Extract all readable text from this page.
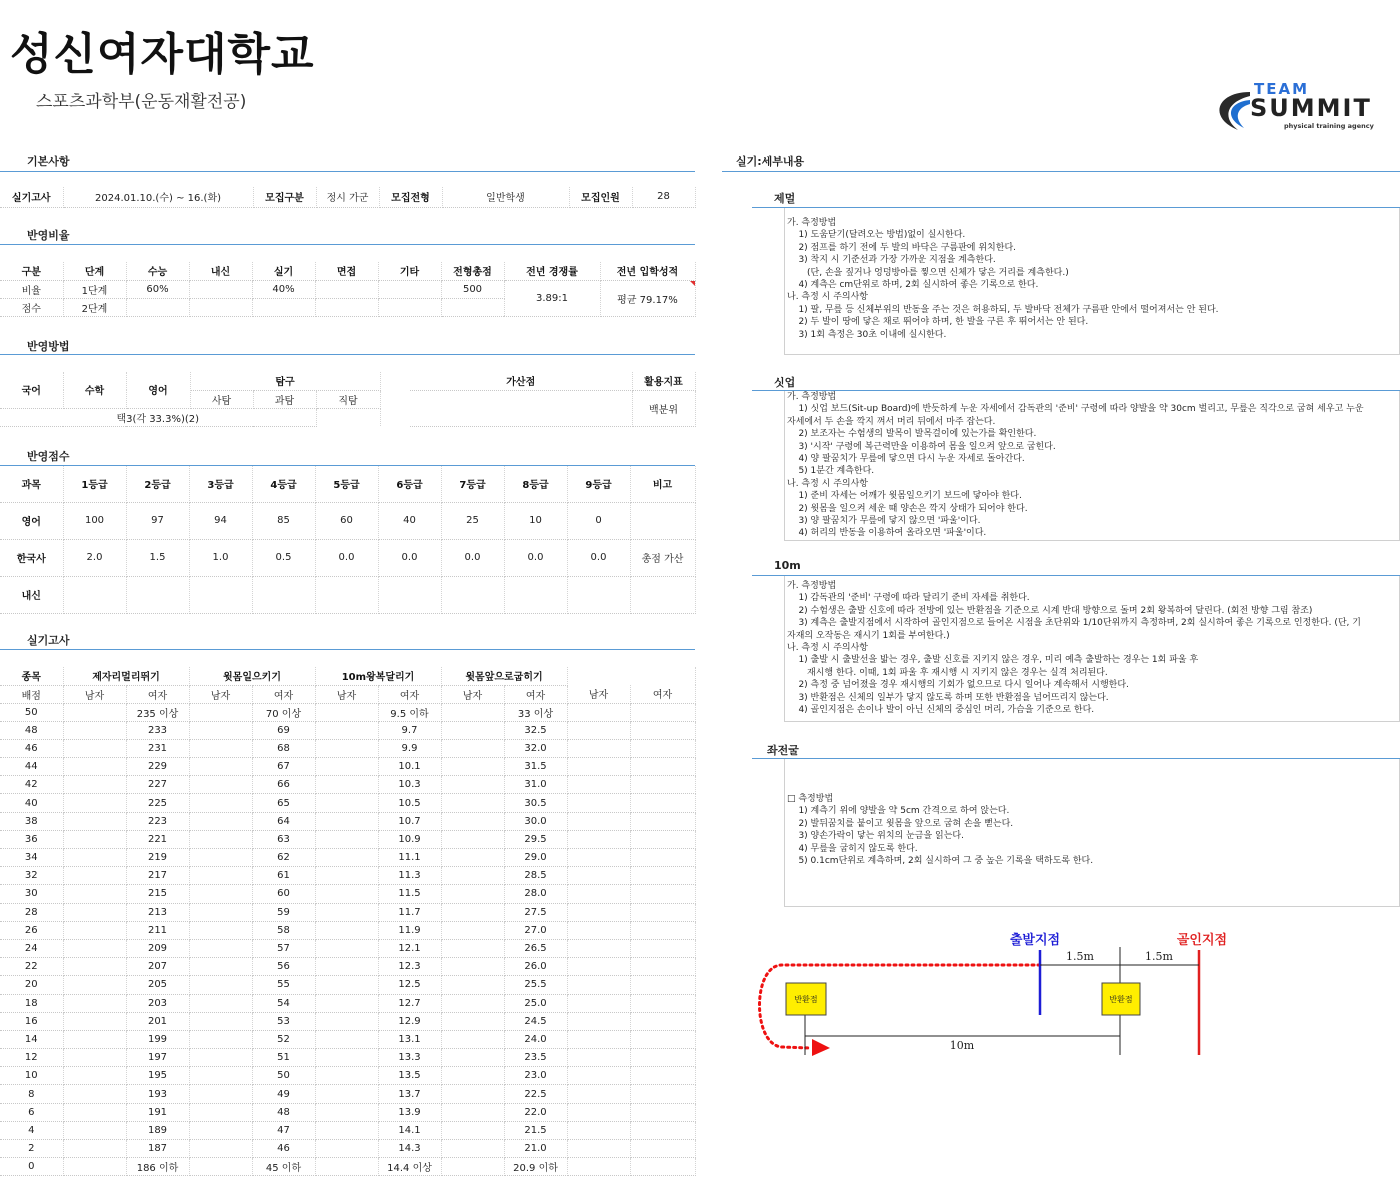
성신여자대학교
스포츠과학부(운동재활전공)
TEAM
SUMMIT
physical training agency
기본사항
실기고사	2024.01.10.(수) ~ 16.(화)	모집구분	정시 가군	모집전형	일반학생	모집인원	28
반영비율
구분	단계	수능	내신	실기	면접	기타	전형총점	전년 경쟁률	전년 입학성적
비율	1단계	60%		40%			500	3.89:1	평균 79.17%
점수	2단계								
반영방법
국어	수학	영어	탐구		
			사탐	과탐	직탐
택3(각 33.3%)(2)					
가산점	활용지표
	백분위
반영점수
과목	1등급	2등급	3등급	4등급	5등급	6등급	7등급	8등급	9등급	비고
영어	100	97	94	85	60	40	25	10	0	
한국사	2.0	1.5	1.0	0.5	0.0	0.0	0.0	0.0	0.0	총점 가산
내신										
실기고사
종목	제자리멀리뛰기		윗몸일으키기		10m왕복달리기		윗몸앞으로굽히기			
배점	남자	여자	남자	여자	남자	여자	남자	여자	남자	여자
50		235 이상		70 이상		9.5 이하		33 이상		
48		233		69		9.7		32.5		
46		231		68		9.9		32.0		
44		229		67		10.1		31.5		
42		227		66		10.3		31.0		
40		225		65		10.5		30.5		
38		223		64		10.7		30.0		
36		221		63		10.9		29.5		
34		219		62		11.1		29.0		
32		217		61		11.3		28.5		
30		215		60		11.5		28.0		
28		213		59		11.7		27.5		
26		211		58		11.9		27.0		
24		209		57		12.1		26.5		
22		207		56		12.3		26.0		
20		205		55		12.5		25.5		
18		203		54		12.7		25.0		
16		201		53		12.9		24.5		
14		199		52		13.1		24.0		
12		197		51		13.3		23.5		
10		195		50		13.5		23.0		
8		193		49		13.7		22.5		
6		191		48		13.9		22.0		
4		189		47		14.1		21.5		
2		187		46		14.3		21.0		
0		186 이하		45 이하		14.4 이상		20.9 이하		
실기:세부내용
제멀

가. 측정방법

1) 도움닫기(달려오는 방법)없이 실시한다.

2) 점프를 하기 전에 두 발의 바닥은 구름판에 위치한다.

3) 착지 시 기준선과 가장 가까운 지점을 계측한다.

(단, 손을 짚거나 엉덩방아를 찧으면 신체가 닿은 거리를 계측한다.)

4) 계측은 cm단위로 하며, 2회 실시하여 좋은 기록으로 한다.

나. 측정 시 주의사항

1) 팔, 무릎 등 신체부위의 반동을 주는 것은 허용하되, 두 발바닥 전체가 구름판 안에서 떨어져서는 안 된다.

2) 두 발이 땅에 닿은 채로 뛰어야 하며, 한 발을 구른 후 뛰어서는 안 된다.

3) 1회 측정은 30초 이내에 실시한다.

싯업

가. 측정방법

1) 싯업 보드(Sit-up Board)에 반듯하게 누운 자세에서 감독관의 '준비' 구령에 따라 양발을 약 30cm 벌리고, 무릎은 직각으로 굽혀 세우고 누운

자세에서 두 손을 깍지 껴서 머리 뒤에서 마주 잡는다.

2) 보조자는 수험생의 발목이 발목걸이에 있는가를 확인한다.

3) '시작' 구령에 복근력만을 이용하여 몸을 일으켜 앞으로 굽힌다.

4) 양 팔꿈치가 무릎에 닿으면 다시 누운 자세로 돌아간다.

5) 1분간 계측한다.

나. 측정 시 주의사항

1) 준비 자세는 어깨가 윗몸일으키기 보드에 닿아야 한다.

2) 윗몸을 일으켜 세운 때 양손은 깍지 상태가 되어야 한다.

3) 양 팔꿈치가 무릎에 닿지 않으면 '파울'이다.

4) 허리의 반동을 이용하여 올라오면 '파울'이다.

10m

가. 측정방법

1) 감독관의 '준비' 구령에 따라 달리기 준비 자세를 취한다.

2) 수험생은 출발 신호에 따라 전방에 있는 반환점을 기준으로 시계 반대 방향으로 돌며 2회 왕복하여 달린다. (회전 방향 그림 참조)

3) 계측은 출발지점에서 시작하여 골인지점으로 들어온 시점을 초단위와 1/10단위까지 측정하며, 2회 실시하여 좋은 기록으로 인정한다. (단, 기

자재의 오작동은 재시기 1회를 부여한다.)

나. 측정 시 주의사항

1) 출발 시 출발선을 밟는 경우, 출발 신호를 지키지 않은 경우, 미리 예측 출발하는 경우는 1회 파울 후

재시행 한다. 이때, 1회 파울 후 재시행 시 지키지 않은 경우는 실격 처리된다.

2) 측정 중 넘어졌을 경우 재시행의 기회가 없으므로 다시 일어나 계속해서 시행한다.

3) 반환점은 신체의 일부가 닿지 않도록 하며 또한 반환점을 넘어뜨리지 않는다.

4) 골인지점은 손이나 발이 아닌 신체의 중심인 머리, 가슴을 기준으로 한다.

좌전굴

□ 측정방법

1) 계측기 위에 양발을 약 5cm 간격으로 하여 앉는다.

2) 발뒤꿈치를 붙이고 윗몸을 앞으로 굽혀 손을 뻗는다.

3) 양손가락이 닿는 위치의 눈금을 읽는다.

4) 무릎을 굽히지 않도록 한다.

5) 0.1cm단위로 계측하며, 2회 실시하여 그 중 높은 기록을 택하도록 한다.

반환점	반환점
출발지점	골인지점
1.5m	1.5m
10m
